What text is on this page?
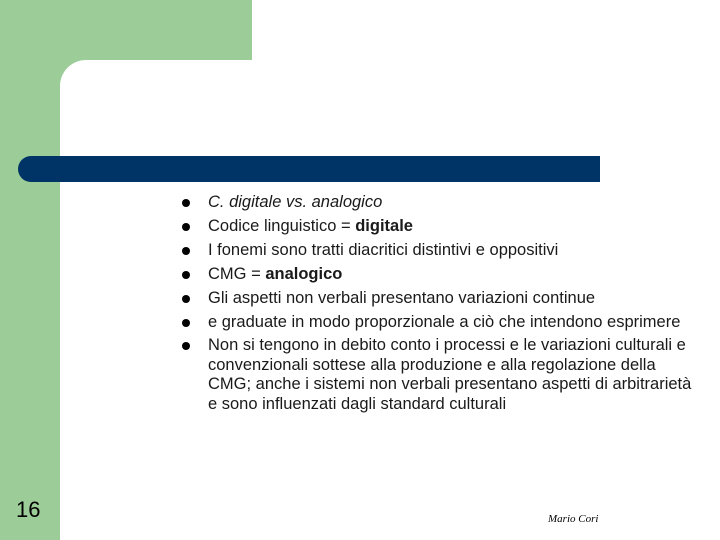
C. digitale vs. analogico
Codice linguistico = digitale
I fonemi sono tratti diacritici distintivi e oppositivi
CMG = analogico
Gli aspetti non verbali presentano variazioni continue
e graduate in modo proporzionale a ciò che intendono esprimere
Non si tengono in debito conto i processi e le variazioni culturali e convenzionali sottese alla produzione e alla regolazione della CMG; anche i sistemi non verbali presentano aspetti di arbitrarietà e sono influenzati dagli standard culturali
16	Mario Cori
